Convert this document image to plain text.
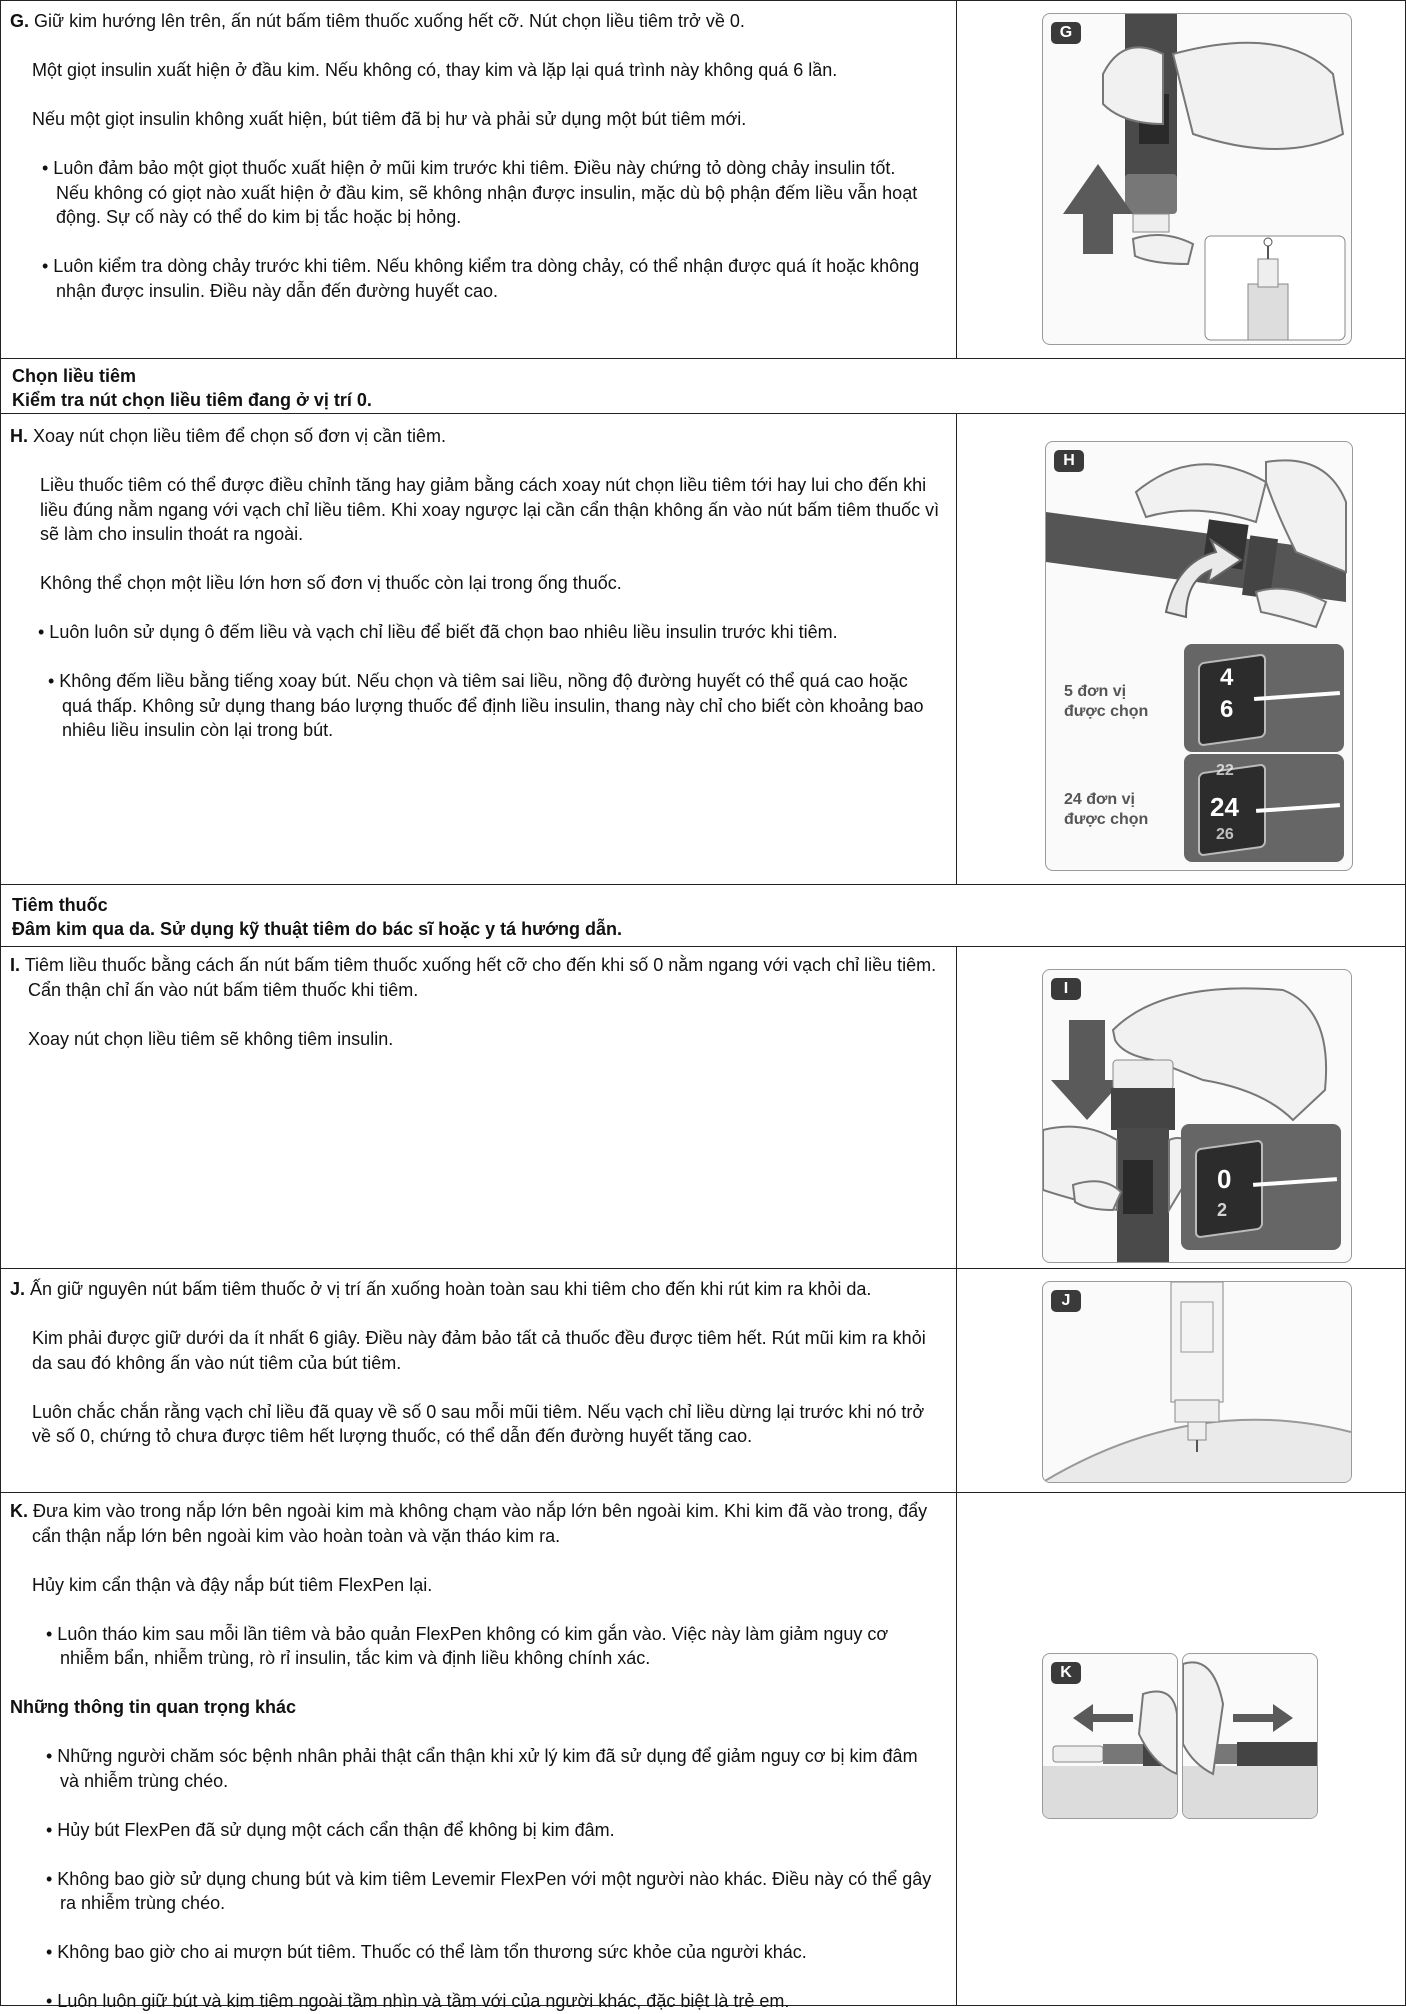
G. Giữ kim hướng lên trên, ấn nút bấm tiêm thuốc xuống hết cỡ. Nút chọn liều tiêm trở về 0.

Một giọt insulin xuất hiện ở đầu kim. Nếu không có, thay kim và lặp lại quá trình này không quá 6 lần.

Nếu một giọt insulin không xuất hiện, bút tiêm đã bị hư và phải sử dụng một bút tiêm mới.

• Luôn đảm bảo một giọt thuốc xuất hiện ở mũi kim trước khi tiêm. Điều này chứng tỏ dòng chảy insulin tốt. Nếu không có giọt nào xuất hiện ở đầu kim, sẽ không nhận được insulin, mặc dù bộ phận đếm liều vẫn hoạt động. Sự cố này có thể do kim bị tắc hoặc bị hỏng.

• Luôn kiểm tra dòng chảy trước khi tiêm. Nếu không kiểm tra dòng chảy, có thể nhận được quá ít hoặc không nhận được insulin. Điều này dẫn đến đường huyết cao.

G
Chọn liều tiêm
Kiểm tra nút chọn liều tiêm đang ở vị trí 0.

H. Xoay nút chọn liều tiêm để chọn số đơn vị cần tiêm.

Liều thuốc tiêm có thể được điều chỉnh tăng hay giảm bằng cách xoay nút chọn liều tiêm tới hay lui cho đến khi liều đúng nằm ngang với vạch chỉ liều tiêm. Khi xoay ngược lại cần cẩn thận không ấn vào nút bấm tiêm thuốc vì sẽ làm cho insulin thoát ra ngoài.

Không thể chọn một liều lớn hơn số đơn vị thuốc còn lại trong ống thuốc.

• Luôn luôn sử dụng ô đếm liều và vạch chỉ liều để biết đã chọn bao nhiêu liều insulin trước khi tiêm.

• Không đếm liều bằng tiếng xoay bút. Nếu chọn và tiêm sai liều, nồng độ đường huyết có thể quá cao hoặc quá thấp. Không sử dụng thang báo lượng thuốc để định liều insulin, thang này chỉ cho biết còn khoảng bao nhiêu liều insulin còn lại trong bút.

H
5 đơn vị
được chọn
4
6
24 đơn vị
được chọn
22
24
26
Tiêm thuốc
Đâm kim qua da. Sử dụng kỹ thuật tiêm do bác sĩ hoặc y tá hướng dẫn.

I. Tiêm liều thuốc bằng cách ấn nút bấm tiêm thuốc xuống hết cỡ cho đến khi số 0 nằm ngang với vạch chỉ liều tiêm. Cẩn thận chỉ ấn vào nút bấm tiêm thuốc khi tiêm.

Xoay nút chọn liều tiêm sẽ không tiêm insulin.

I
0
2

J. Ấn giữ nguyên nút bấm tiêm thuốc ở vị trí ấn xuống hoàn toàn sau khi tiêm cho đến khi rút kim ra khỏi da.

Kim phải được giữ dưới da ít nhất 6 giây. Điều này đảm bảo tất cả thuốc đều được tiêm hết. Rút mũi kim ra khỏi da sau đó không ấn vào nút tiêm của bút tiêm.

Luôn chắc chắn rằng vạch chỉ liều đã quay về số 0 sau mỗi mũi tiêm. Nếu vạch chỉ liều dừng lại trước khi nó trở về số 0, chứng tỏ chưa được tiêm hết lượng thuốc, có thể dẫn đến đường huyết tăng cao.

J

K. Đưa kim vào trong nắp lớn bên ngoài kim mà không chạm vào nắp lớn bên ngoài kim. Khi kim đã vào trong, đẩy cẩn thận nắp lớn bên ngoài kim vào hoàn toàn và vặn tháo kim ra.

Hủy kim cẩn thận và đậy nắp bút tiêm FlexPen lại.

• Luôn tháo kim sau mỗi lần tiêm và bảo quản FlexPen không có kim gắn vào. Việc này làm giảm nguy cơ nhiễm bẩn, nhiễm trùng, rò rỉ insulin, tắc kim và định liều không chính xác.

Những thông tin quan trọng khác

• Những người chăm sóc bệnh nhân phải thật cẩn thận khi xử lý kim đã sử dụng để giảm nguy cơ bị kim đâm và nhiễm trùng chéo.

• Hủy bút FlexPen đã sử dụng một cách cẩn thận để không bị kim đâm.

• Không bao giờ sử dụng chung bút và kim tiêm Levemir FlexPen với một người nào khác. Điều này có thể gây ra nhiễm trùng chéo.

• Không bao giờ cho ai mượn bút tiêm. Thuốc có thể làm tổn thương sức khỏe của người khác.

• Luôn luôn giữ bút và kim tiêm ngoài tầm nhìn và tầm với của người khác, đặc biệt là trẻ em.

K
